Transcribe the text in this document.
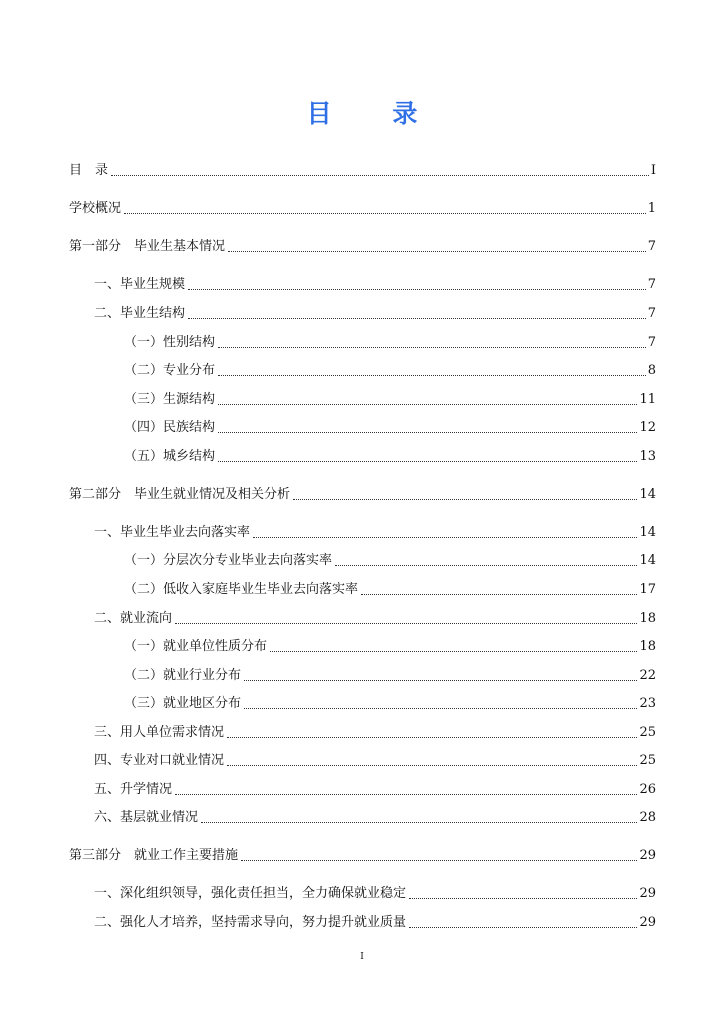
目 录
目　录	I
学校概况	1
第一部分　毕业生基本情况	7
一、毕业生规模	7
二、毕业生结构	7
（一）性别结构	7
（二）专业分布	8
（三）生源结构	11
（四）民族结构	12
（五）城乡结构	13
第二部分　毕业生就业情况及相关分析	14
一、毕业生毕业去向落实率	14
（一）分层次分专业毕业去向落实率	14
（二）低收入家庭毕业生毕业去向落实率	17
二、就业流向	18
（一）就业单位性质分布	18
（二）就业行业分布	22
（三）就业地区分布	23
三、用人单位需求情况	25
四、专业对口就业情况	25
五、升学情况	26
六、基层就业情况	28
第三部分　就业工作主要措施	29
一、深化组织领导，强化责任担当，全力确保就业稳定	29
二、强化人才培养，坚持需求导向，努力提升就业质量	29
I
